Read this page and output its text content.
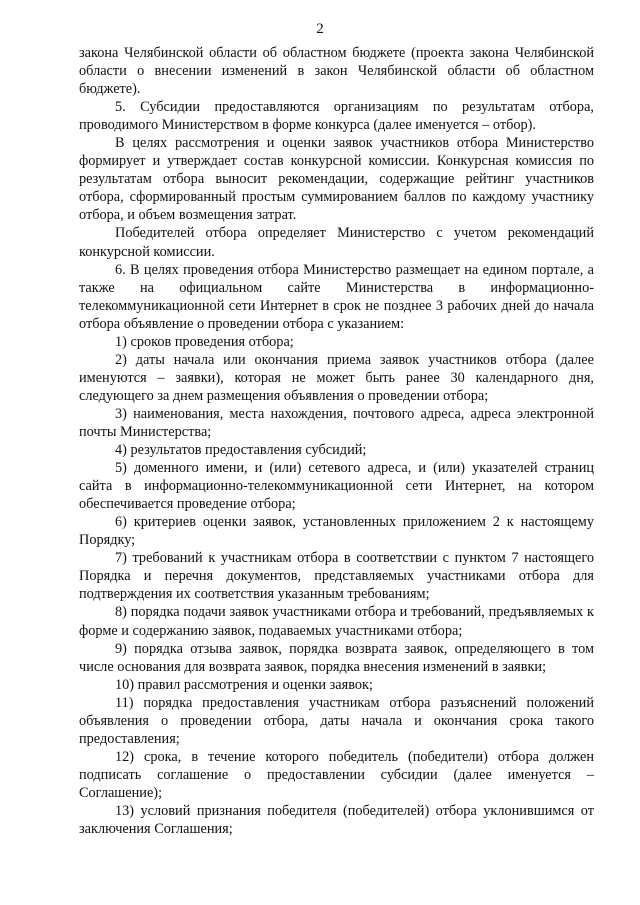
2

закона Челябинской области об областном бюджете (проекта закона Челябинской области о внесении изменений в закон Челябинской области об областном бюджете).

5. Субсидии предоставляются организациям по результатам отбора, проводимого Министерством в форме конкурса (далее именуется – отбор).

В целях рассмотрения и оценки заявок участников отбора Министерство формирует и утверждает состав конкурсной комиссии. Конкурсная комиссия по результатам отбора выносит рекомендации, содержащие рейтинг участников отбора, сформированный простым суммированием баллов по каждому участнику отбора, и объем возмещения затрат.

Победителей отбора определяет Министерство с учетом рекомендаций конкурсной комиссии.

6. В целях проведения отбора Министерство размещает на едином портале, а также на официальном сайте Министерства в информационно-телекоммуникационной сети Интернет в срок не позднее 3 рабочих дней до начала отбора объявление о проведении отбора с указанием:

1) сроков проведения отбора;

2) даты начала или окончания приема заявок участников отбора (далее именуются – заявки), которая не может быть ранее 30 календарного дня, следующего за днем размещения объявления о проведении отбора;

3) наименования, места нахождения, почтового адреса, адреса электронной почты Министерства;

4) результатов предоставления субсидий;

5) доменного имени, и (или) сетевого адреса, и (или) указателей страниц сайта в информационно-телекоммуникационной сети Интернет, на котором обеспечивается проведение отбора;

6) критериев оценки заявок, установленных приложением 2 к настоящему Порядку;

7) требований к участникам отбора в соответствии с пунктом 7 настоящего Порядка и перечня документов, представляемых участниками отбора для подтверждения их соответствия указанным требованиям;

8) порядка подачи заявок участниками отбора и требований, предъявляемых к форме и содержанию заявок, подаваемых участниками отбора;

9) порядка отзыва заявок, порядка возврата заявок, определяющего в том числе основания для возврата заявок, порядка внесения изменений в заявки;

10) правил рассмотрения и оценки заявок;

11) порядка предоставления участникам отбора разъяснений положений объявления о проведении отбора, даты начала и окончания срока такого предоставления;

12) срока, в течение которого победитель (победители) отбора должен подписать соглашение о предоставлении субсидии (далее именуется – Соглашение);

13) условий признания победителя (победителей) отбора уклонившимся от заключения Соглашения;
